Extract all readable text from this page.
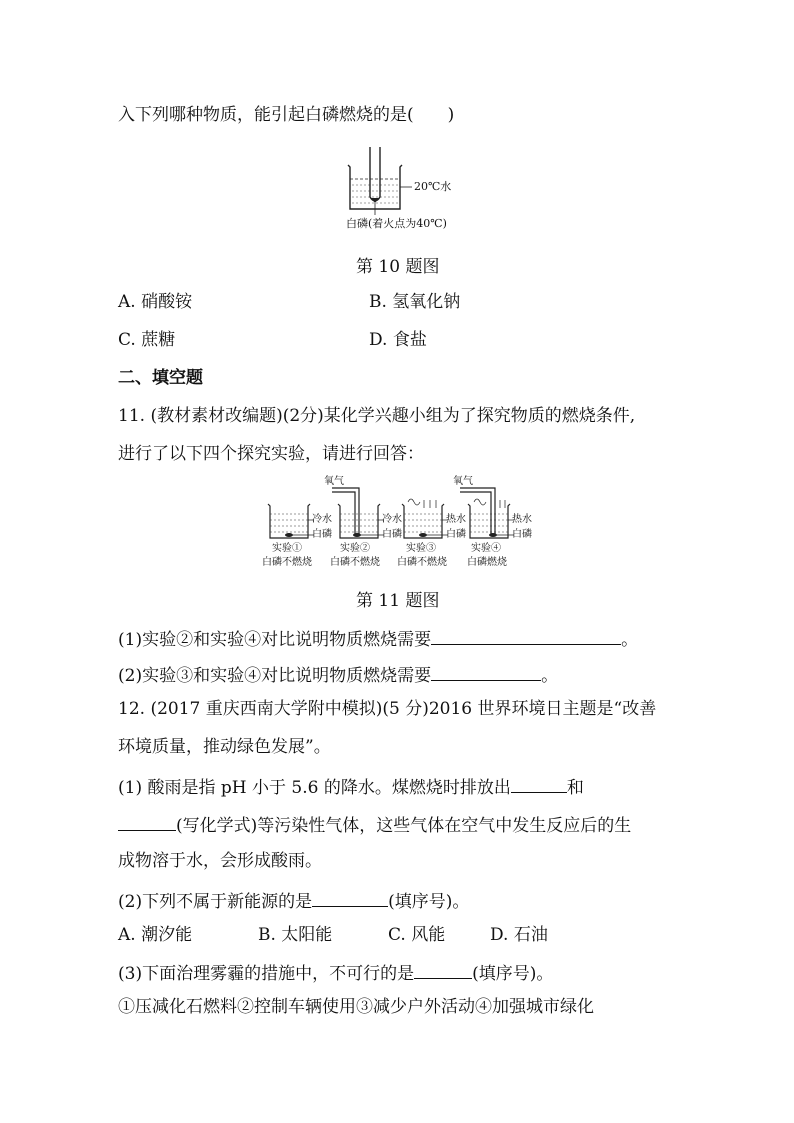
入下列哪种物质，能引起白磷燃烧的是(　　)
20℃水
白磷(着火点为40℃)
第 10 题图
A. 硝酸铵	B. 氢氧化钠
C. 蔗糖	D. 食盐
二、填空题
11. (教材素材改编题)(2分)某化学兴趣小组为了探究物质的燃烧条件,
进行了以下四个探究实验，请进行回答：
氧气	氧气
冷水
白磷
冷水
白磷
热水
白磷
热水
白磷
实验①
白磷不燃烧
实验②
白磷不燃烧
实验③
白磷不燃烧
实验④
白磷燃烧
第 11 题图
(1)实验②和实验④对比说明物质燃烧需要	。
(2)实验③和实验④对比说明物质燃烧需要	。
12. (2017 重庆西南大学附中模拟)(5 分)2016 世界环境日主题是“改善
环境质量，推动绿色发展”。
(1) 酸雨是指 pH 小于 5.6 的降水。煤燃烧时排放出	和
(写化学式)等污染性气体，这些气体在空气中发生反应后的生
成物溶于水，会形成酸雨。
(2)下列不属于新能源的是	(填序号)。
A. 潮汐能	B. 太阳能	C. 风能	D. 石油
(3)下面治理雾霾的措施中，不可行的是	(填序号)。
①压减化石燃料②控制车辆使用③减少户外活动④加强城市绿化
